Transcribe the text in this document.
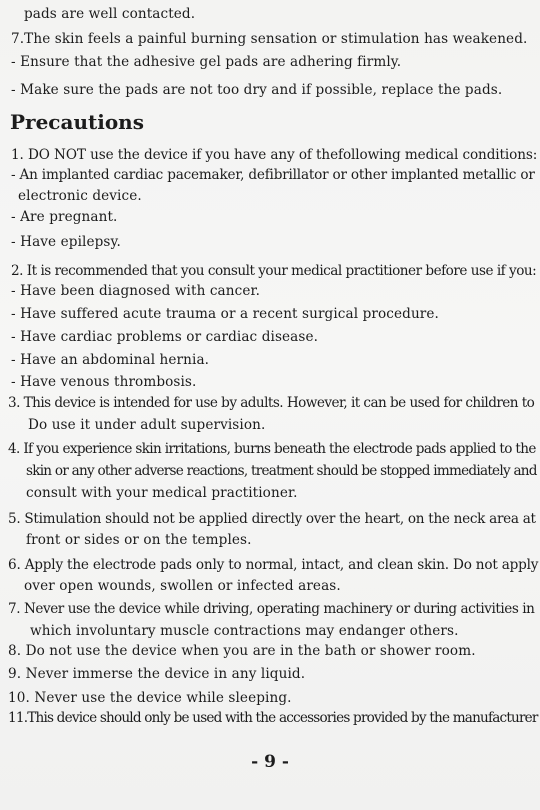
pads are well contacted.
7.The skin feels a painful burning sensation or stimulation has weakened.
- Ensure that the adhesive gel pads are adhering firmly.
- Make sure the pads are not too dry and if possible, replace the pads.
Precautions
1. DO NOT use the device if you have any of thefollowing medical conditions:
- An implanted cardiac pacemaker, defibrillator or other implanted metallic or
electronic device.
- Are pregnant.
- Have epilepsy.
2. It is recommended that you consult your medical practitioner before use if you:
- Have been diagnosed with cancer.
- Have suffered acute trauma or a recent surgical procedure.
- Have cardiac problems or cardiac disease.
- Have an abdominal hernia.
- Have venous thrombosis.
3. This device is intended for use by adults. However, it can be used for children to
Do use it under adult supervision.
4. If you experience skin irritations, burns beneath the electrode pads applied to the
skin or any other adverse reactions, treatment should be stopped immediately and
consult with your medical practitioner.
5. Stimulation should not be applied directly over the heart, on the neck area at
front or sides or on the temples.
6. Apply the electrode pads only to normal, intact, and clean skin. Do not apply
over open wounds, swollen or infected areas.
7. Never use the device while driving, operating machinery or during activities in
which involuntary muscle contractions may endanger others.
8. Do not use the device when you are in the bath or shower room.
9. Never immerse the device in any liquid.
10. Never use the device while sleeping.
11.This device should only be used with the accessories provided by the manufacturer
- 9 -
